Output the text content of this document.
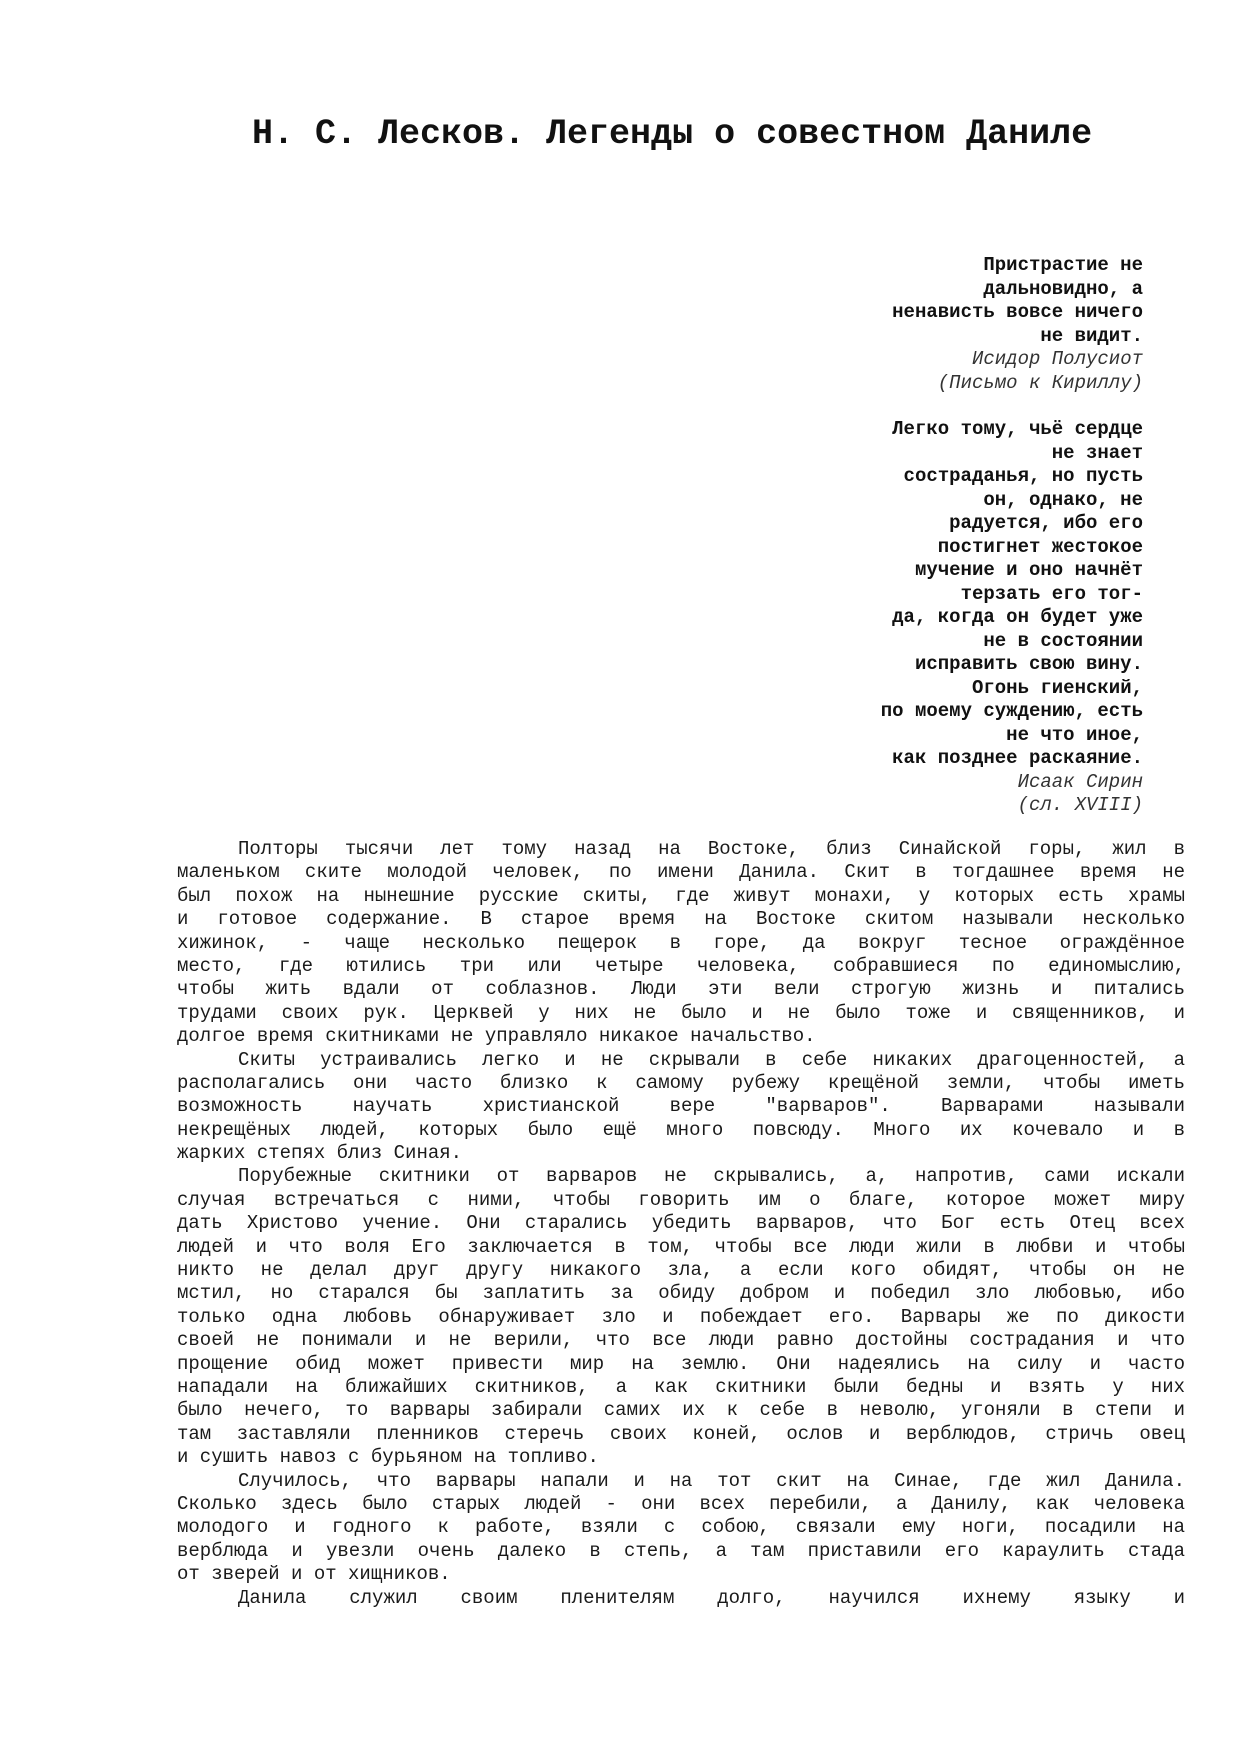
Н. С. Лесков. Легенды о совестном Даниле
Пристрастие не
дальновидно, а
ненависть вовсе ничего
не видит.
Исидор Полусиот
(Письмо к Кириллу)
Легко тому, чьё сердце
не знает
состраданья, но пусть
он, однако, не
радуется, ибо его
постигнет жестокое
мучение и оно начнёт
терзать его тог-
да, когда он будет уже
не в состоянии
исправить свою вину.
Огонь гиенский,
по моему суждению, есть
не что иное,
как позднее раскаяние.
Исаак Сирин
(сл. XVIII)
Полторы тысячи лет тому назад на Востоке, близ Синайской горы, жил в
маленьком ските молодой человек, по имени Данила. Скит в тогдашнее время не
был похож на нынешние русские скиты, где живут монахи, у которых есть храмы
и готовое содержание. В старое время на Востоке скитом называли несколько
хижинок, - чаще несколько пещерок в горе, да вокруг тесное ограждённое
место, где ютились три или четыре человека, собравшиеся по единомыслию,
чтобы жить вдали от соблазнов. Люди эти вели строгую жизнь и питались
трудами своих рук. Церквей у них не было и не было тоже и священников, и
долгое время скитниками не управляло никакое начальство.
Скиты устраивались легко и не скрывали в себе никаких драгоценностей, а
располагались они часто близко к самому рубежу крещёной земли, чтобы иметь
возможность научать христианской вере "варваров". Варварами называли
некрещёных людей, которых было ещё много повсюду. Много их кочевало и в
жарких степях близ Синая.
Порубежные скитники от варваров не скрывались, а, напротив, сами искали
случая встречаться с ними, чтобы говорить им о благе, которое может миру
дать Христово учение. Они старались убедить варваров, что Бог есть Отец всех
людей и что воля Его заключается в том, чтобы все люди жили в любви и чтобы
никто не делал друг другу никакого зла, а если кого обидят, чтобы он не
мстил, но старался бы заплатить за обиду добром и победил зло любовью, ибо
только одна любовь обнаруживает зло и побеждает его. Варвары же по дикости
своей не понимали и не верили, что все люди равно достойны сострадания и что
прощение обид может привести мир на землю. Они надеялись на силу и часто
нападали на ближайших скитников, а как скитники были бедны и взять у них
было нечего, то варвары забирали самих их к себе в неволю, угоняли в степи и
там заставляли пленников стеречь своих коней, ослов и верблюдов, стричь овец
и сушить навоз с бурьяном на топливо.
Случилось, что варвары напали и на тот скит на Синае, где жил Данила.
Сколько здесь было старых людей - они всех перебили, а Данилу, как человека
молодого и годного к работе, взяли с собою, связали ему ноги, посадили на
верблюда и увезли очень далеко в степь, а там приставили его караулить стада
от зверей и от хищников.
Данила служил своим пленителям долго, научился ихнему языку и
